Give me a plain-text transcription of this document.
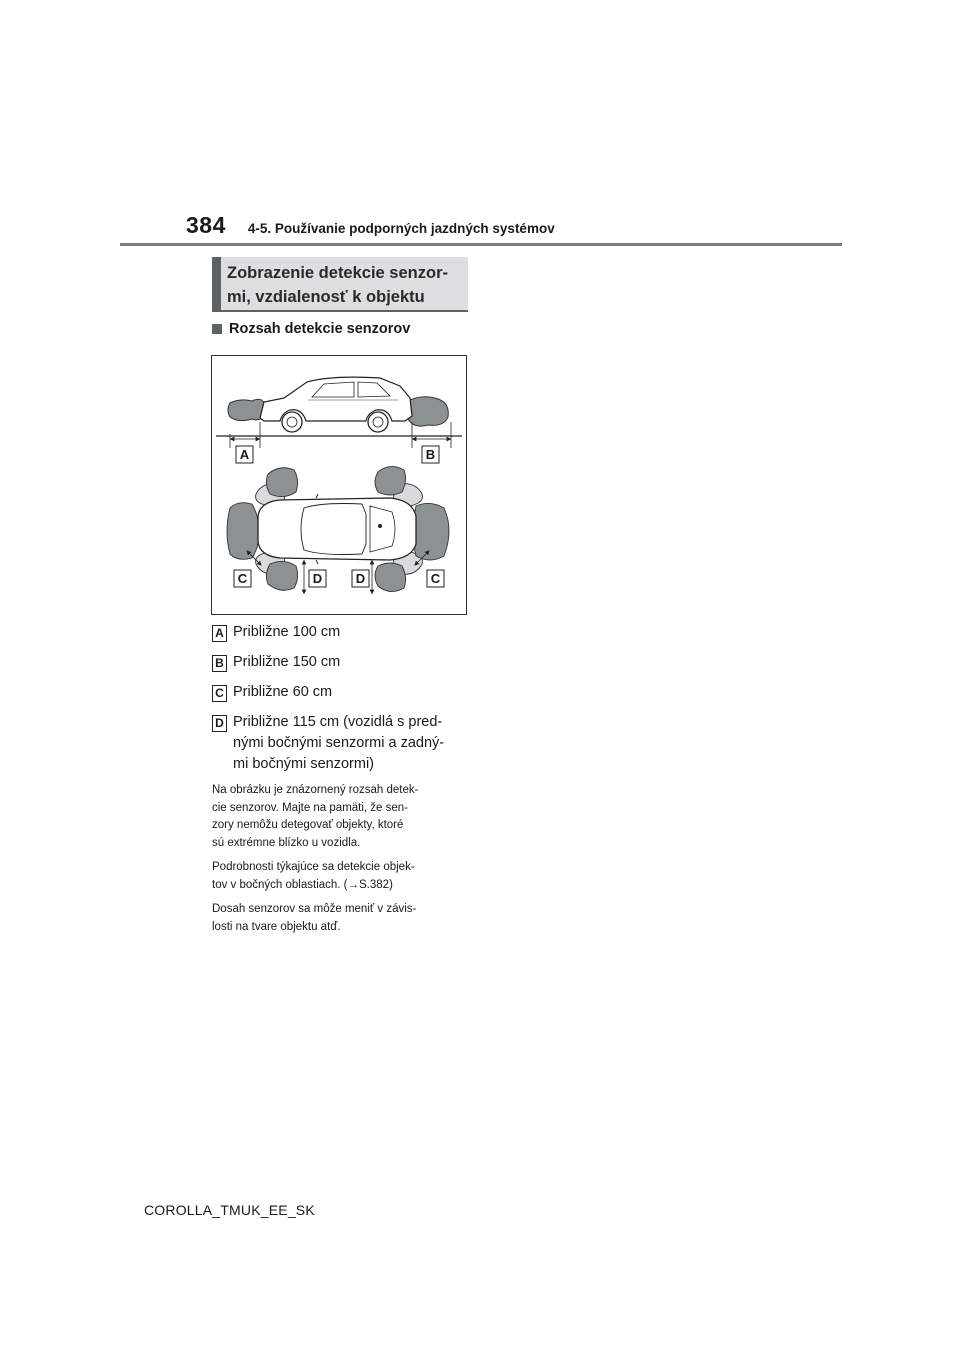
384 4-5. Používanie podporných jazdných systémov
Zobrazenie detekcie senzor-
mi, vzdialenosť k objektu
Rozsah detekcie senzorov
A	B
C	D	D	C
A Približne 100 cm
B Približne 150 cm
C Približne 60 cm
D Približne 115 cm (vozidlá s pred-
nými bočnými senzormi a zadný-
mi bočnými senzormi)
Na obrázku je znázornený rozsah detek-
cie senzorov. Majte na pamäti, že sen-
zory nemôžu detegovať objekty, ktoré
sú extrémne blízko u vozidla.
Podrobnosti týkajúce sa detekcie objek-
tov v bočných oblastiach. (→S.382)
Dosah senzorov sa môže meniť v závis-
losti na tvare objektu atď.
COROLLA_TMUK_EE_SK
